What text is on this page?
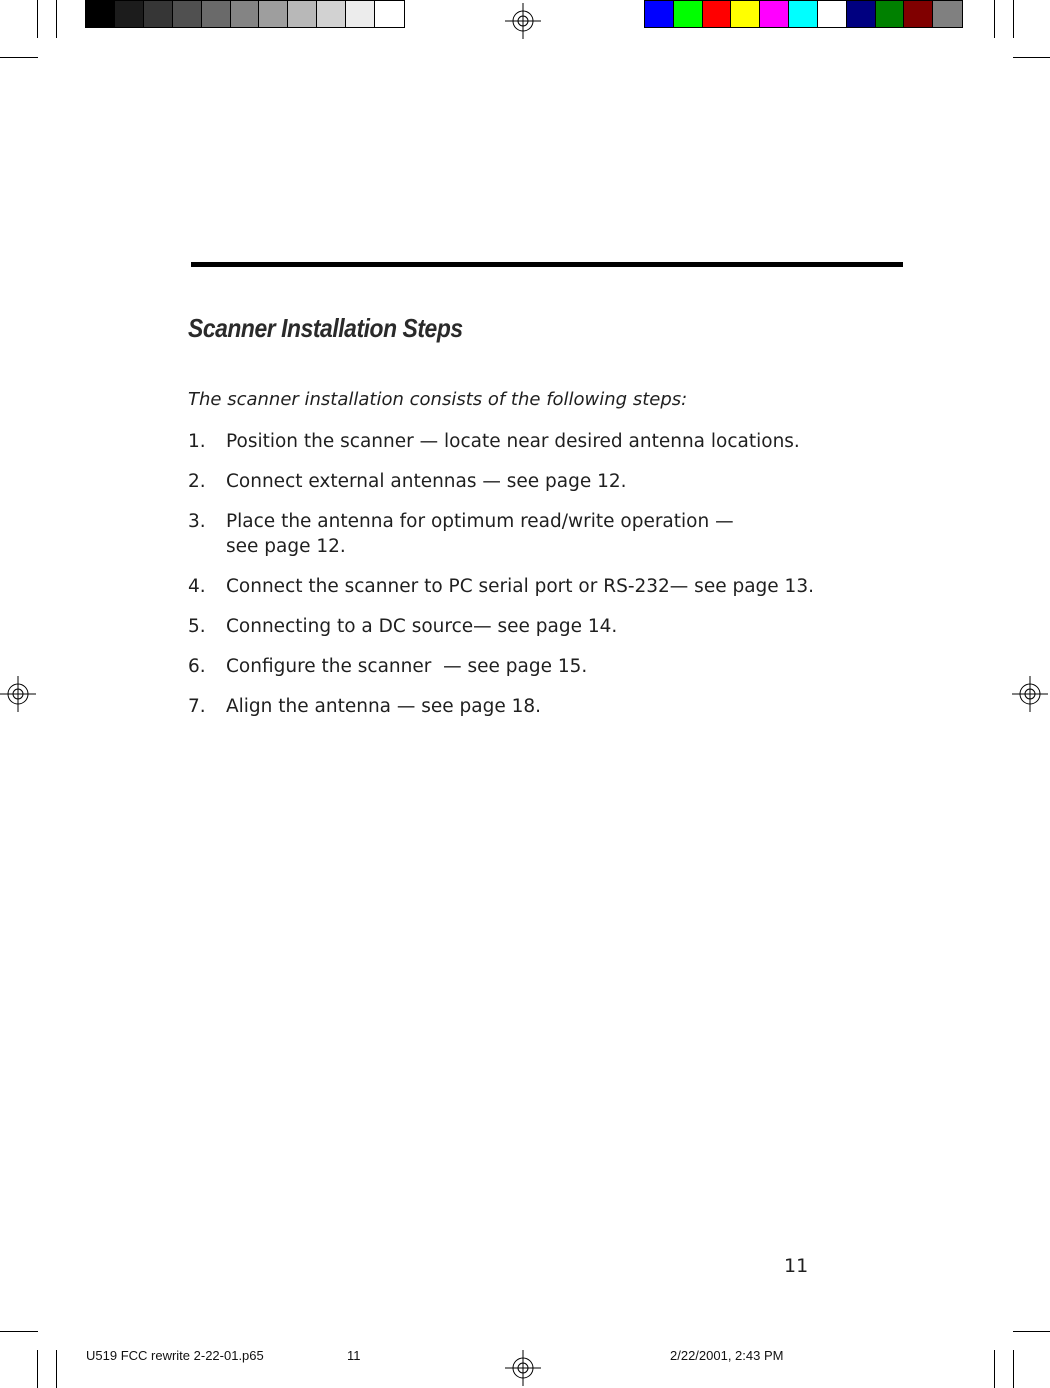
Scanner Installation Steps

The scanner installation consists of the following steps:

1.	Position the scanner — locate near desired antenna locations.
2.	Connect external antennas — see page 12.
3.	Place the antenna for optimum read/write operation —
see page 12.
4.	Connect the scanner to PC serial port or RS-232— see page 13.
5.	Connecting to a DC source— see page 14.
6.	Configure the scanner  — see page 15.
7.	Align the antenna — see page 18.
11
U519 FCC rewrite 2-22-01.p65	11	2/22/2001, 2:43 PM
